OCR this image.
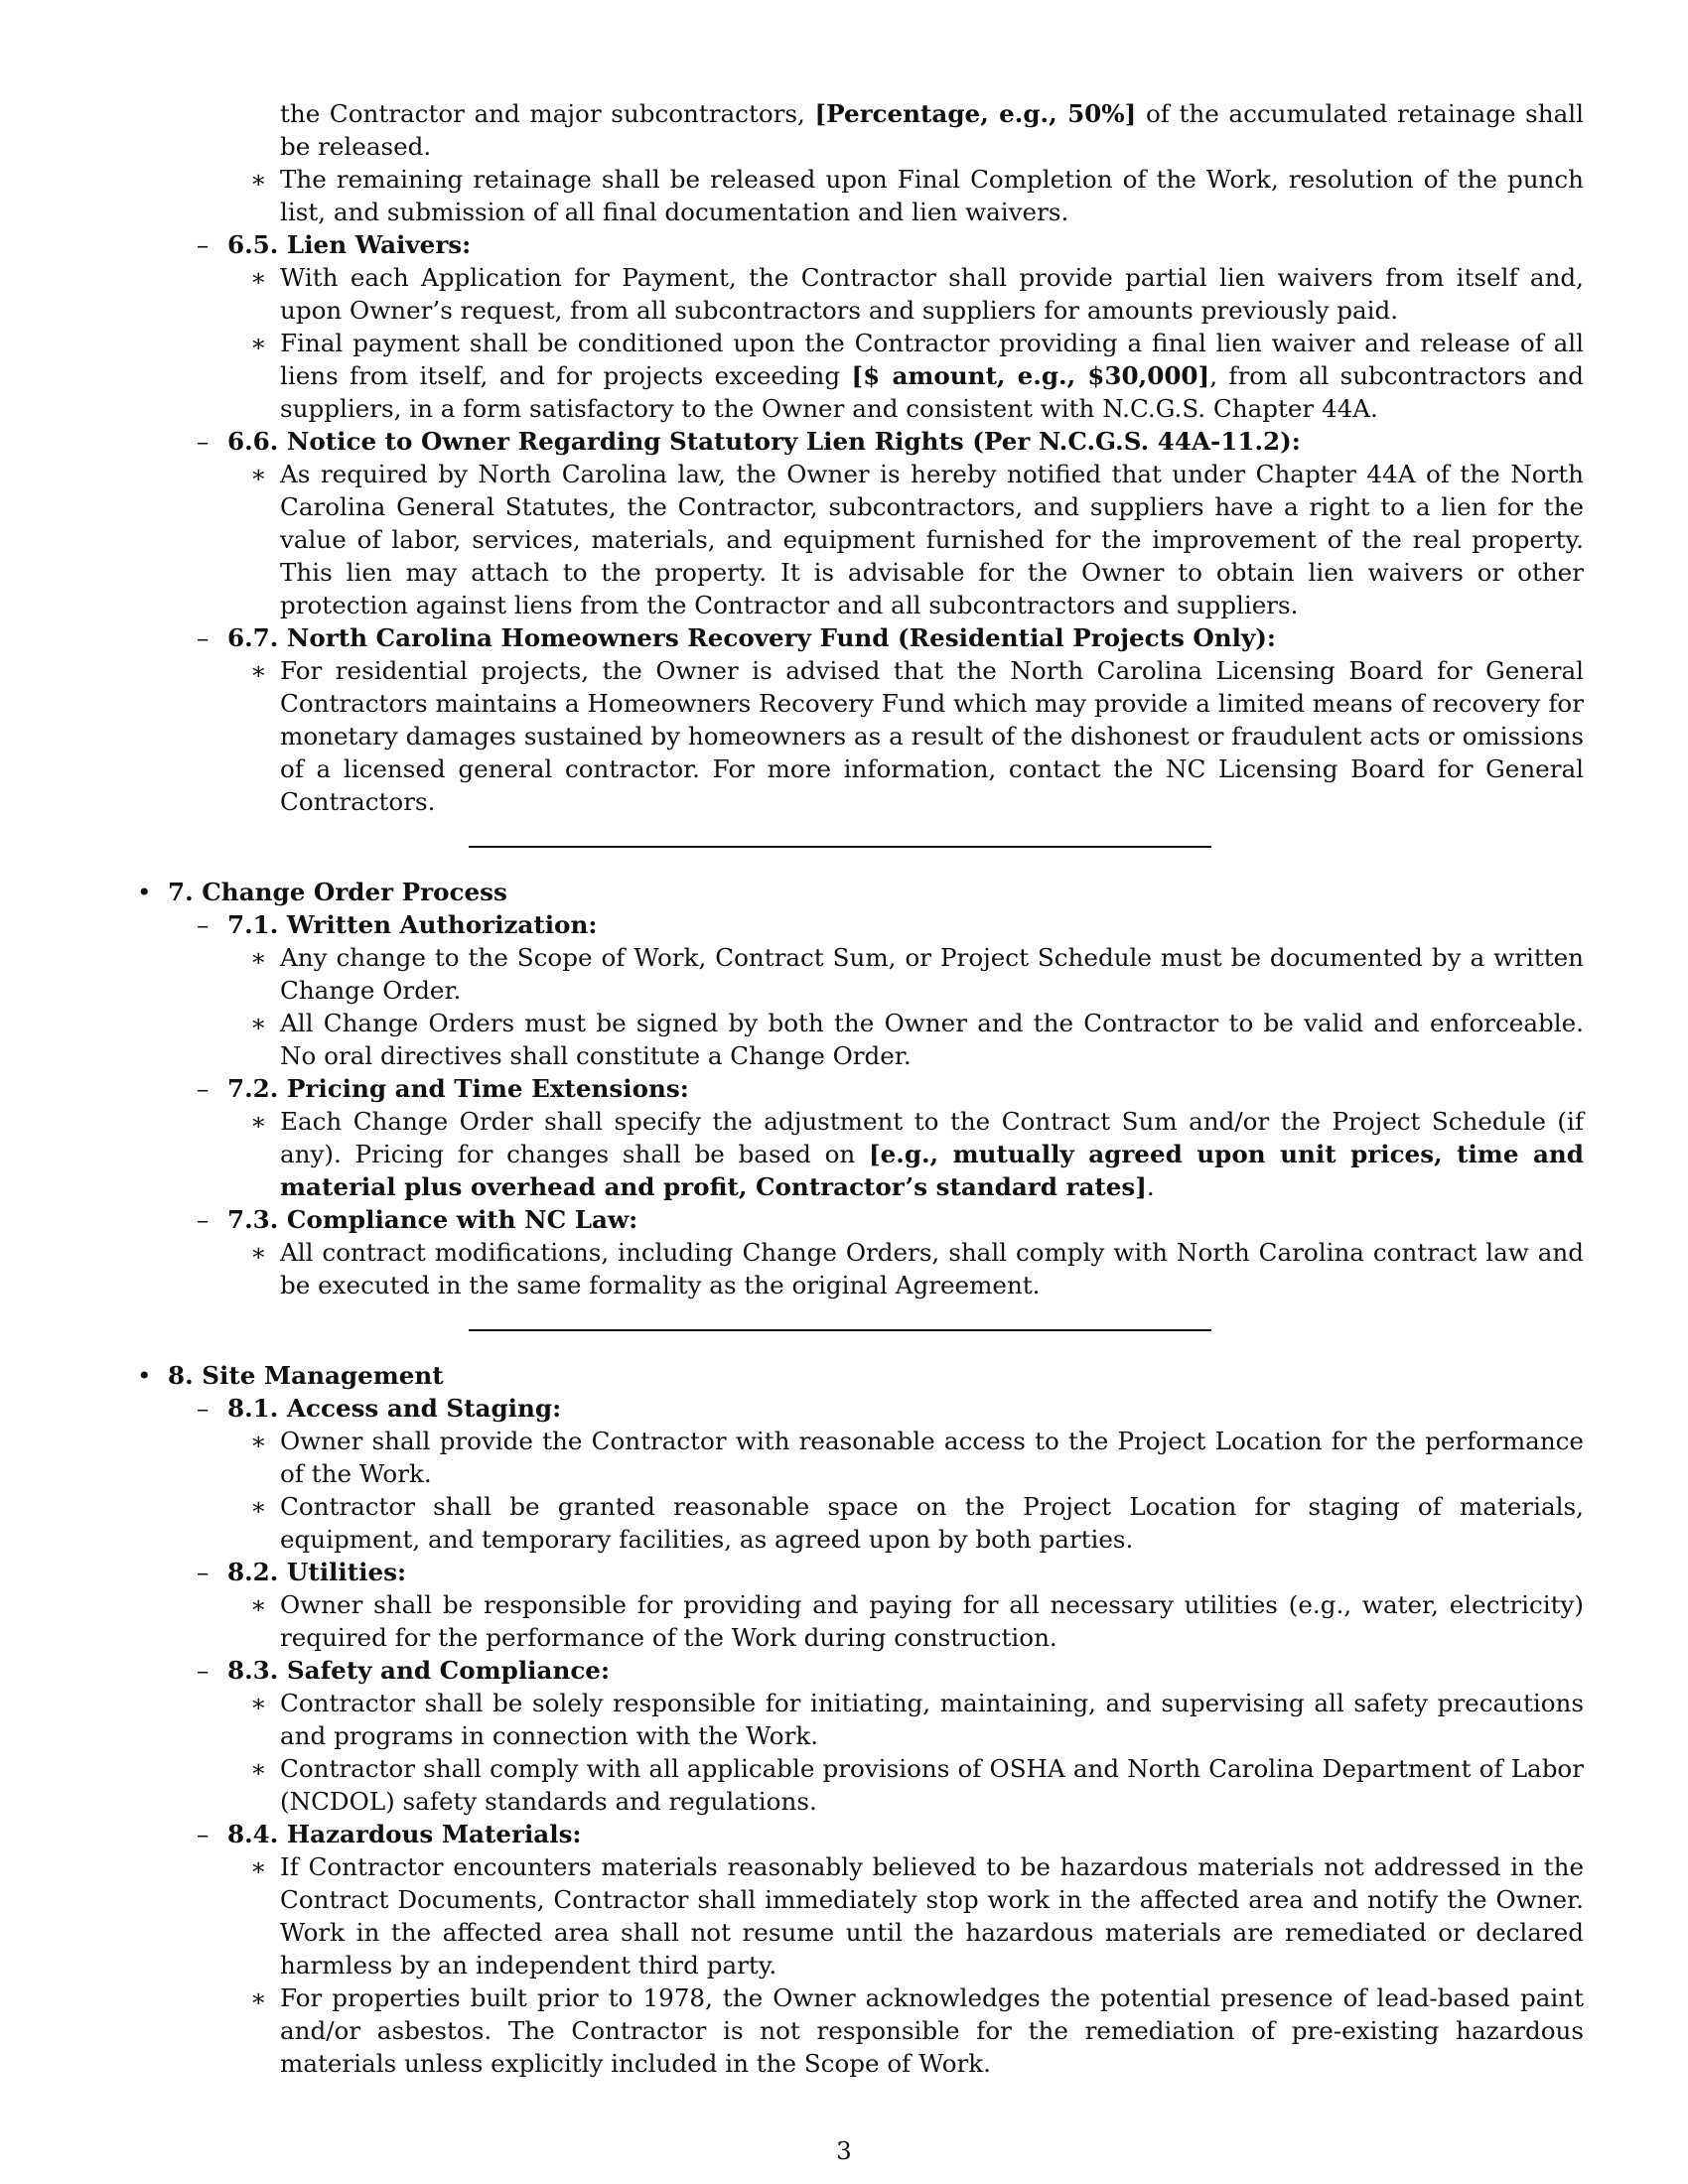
the Contractor and major subcontractors, [Percentage, e.g., 50%] of the accumulated retainage shall be released.
∗ The remaining retainage shall be released upon Final Completion of the Work, resolution of the punch list, and submission of all final documentation and lien waivers.
– 6.5. Lien Waivers:
∗ With each Application for Payment, the Contractor shall provide partial lien waivers from itself and, upon Owner’s request, from all subcontractors and suppliers for amounts previously paid.
∗ Final payment shall be conditioned upon the Contractor providing a final lien waiver and release of all liens from itself, and for projects exceeding [$ amount, e.g., $30,000], from all subcontractors and suppliers, in a form satisfactory to the Owner and consistent with N.C.G.S. Chapter 44A.
– 6.6. Notice to Owner Regarding Statutory Lien Rights (Per N.C.G.S. 44A-11.2):
∗ As required by North Carolina law, the Owner is hereby notified that under Chapter 44A of the North Carolina General Statutes, the Contractor, subcontractors, and suppliers have a right to a lien for the value of labor, services, materials, and equipment furnished for the improvement of the real property. This lien may attach to the property. It is advisable for the Owner to obtain lien waivers or other protection against liens from the Contractor and all subcontractors and suppliers.
– 6.7. North Carolina Homeowners Recovery Fund (Residential Projects Only):
∗ For residential projects, the Owner is advised that the North Carolina Licensing Board for General Contractors maintains a Homeowners Recovery Fund which may provide a limited means of recovery for monetary damages sustained by homeowners as a result of the dishonest or fraudulent acts or omissions of a licensed general contractor. For more information, contact the NC Licensing Board for General Contractors.
• 7. Change Order Process
– 7.1. Written Authorization:
∗ Any change to the Scope of Work, Contract Sum, or Project Schedule must be documented by a written Change Order.
∗ All Change Orders must be signed by both the Owner and the Contractor to be valid and enforceable. No oral directives shall constitute a Change Order.
– 7.2. Pricing and Time Extensions:
∗ Each Change Order shall specify the adjustment to the Contract Sum and/or the Project Schedule (if any). Pricing for changes shall be based on [e.g., mutually agreed upon unit prices, time and material plus overhead and profit, Contractor’s standard rates].
– 7.3. Compliance with NC Law:
∗ All contract modifications, including Change Orders, shall comply with North Carolina contract law and be executed in the same formality as the original Agreement.
• 8. Site Management
– 8.1. Access and Staging:
∗ Owner shall provide the Contractor with reasonable access to the Project Location for the performance of the Work.
∗ Contractor shall be granted reasonable space on the Project Location for staging of materials, equipment, and temporary facilities, as agreed upon by both parties.
– 8.2. Utilities:
∗ Owner shall be responsible for providing and paying for all necessary utilities (e.g., water, electricity) required for the performance of the Work during construction.
– 8.3. Safety and Compliance:
∗ Contractor shall be solely responsible for initiating, maintaining, and supervising all safety precautions and programs in connection with the Work.
∗ Contractor shall comply with all applicable provisions of OSHA and North Carolina Department of Labor (NCDOL) safety standards and regulations.
– 8.4. Hazardous Materials:
∗ If Contractor encounters materials reasonably believed to be hazardous materials not addressed in the Contract Documents, Contractor shall immediately stop work in the affected area and notify the Owner. Work in the affected area shall not resume until the hazardous materials are remediated or declared harmless by an independent third party.
∗ For properties built prior to 1978, the Owner acknowledges the potential presence of lead-based paint and/or asbestos. The Contractor is not responsible for the remediation of pre-existing hazardous materials unless explicitly included in the Scope of Work.
3
